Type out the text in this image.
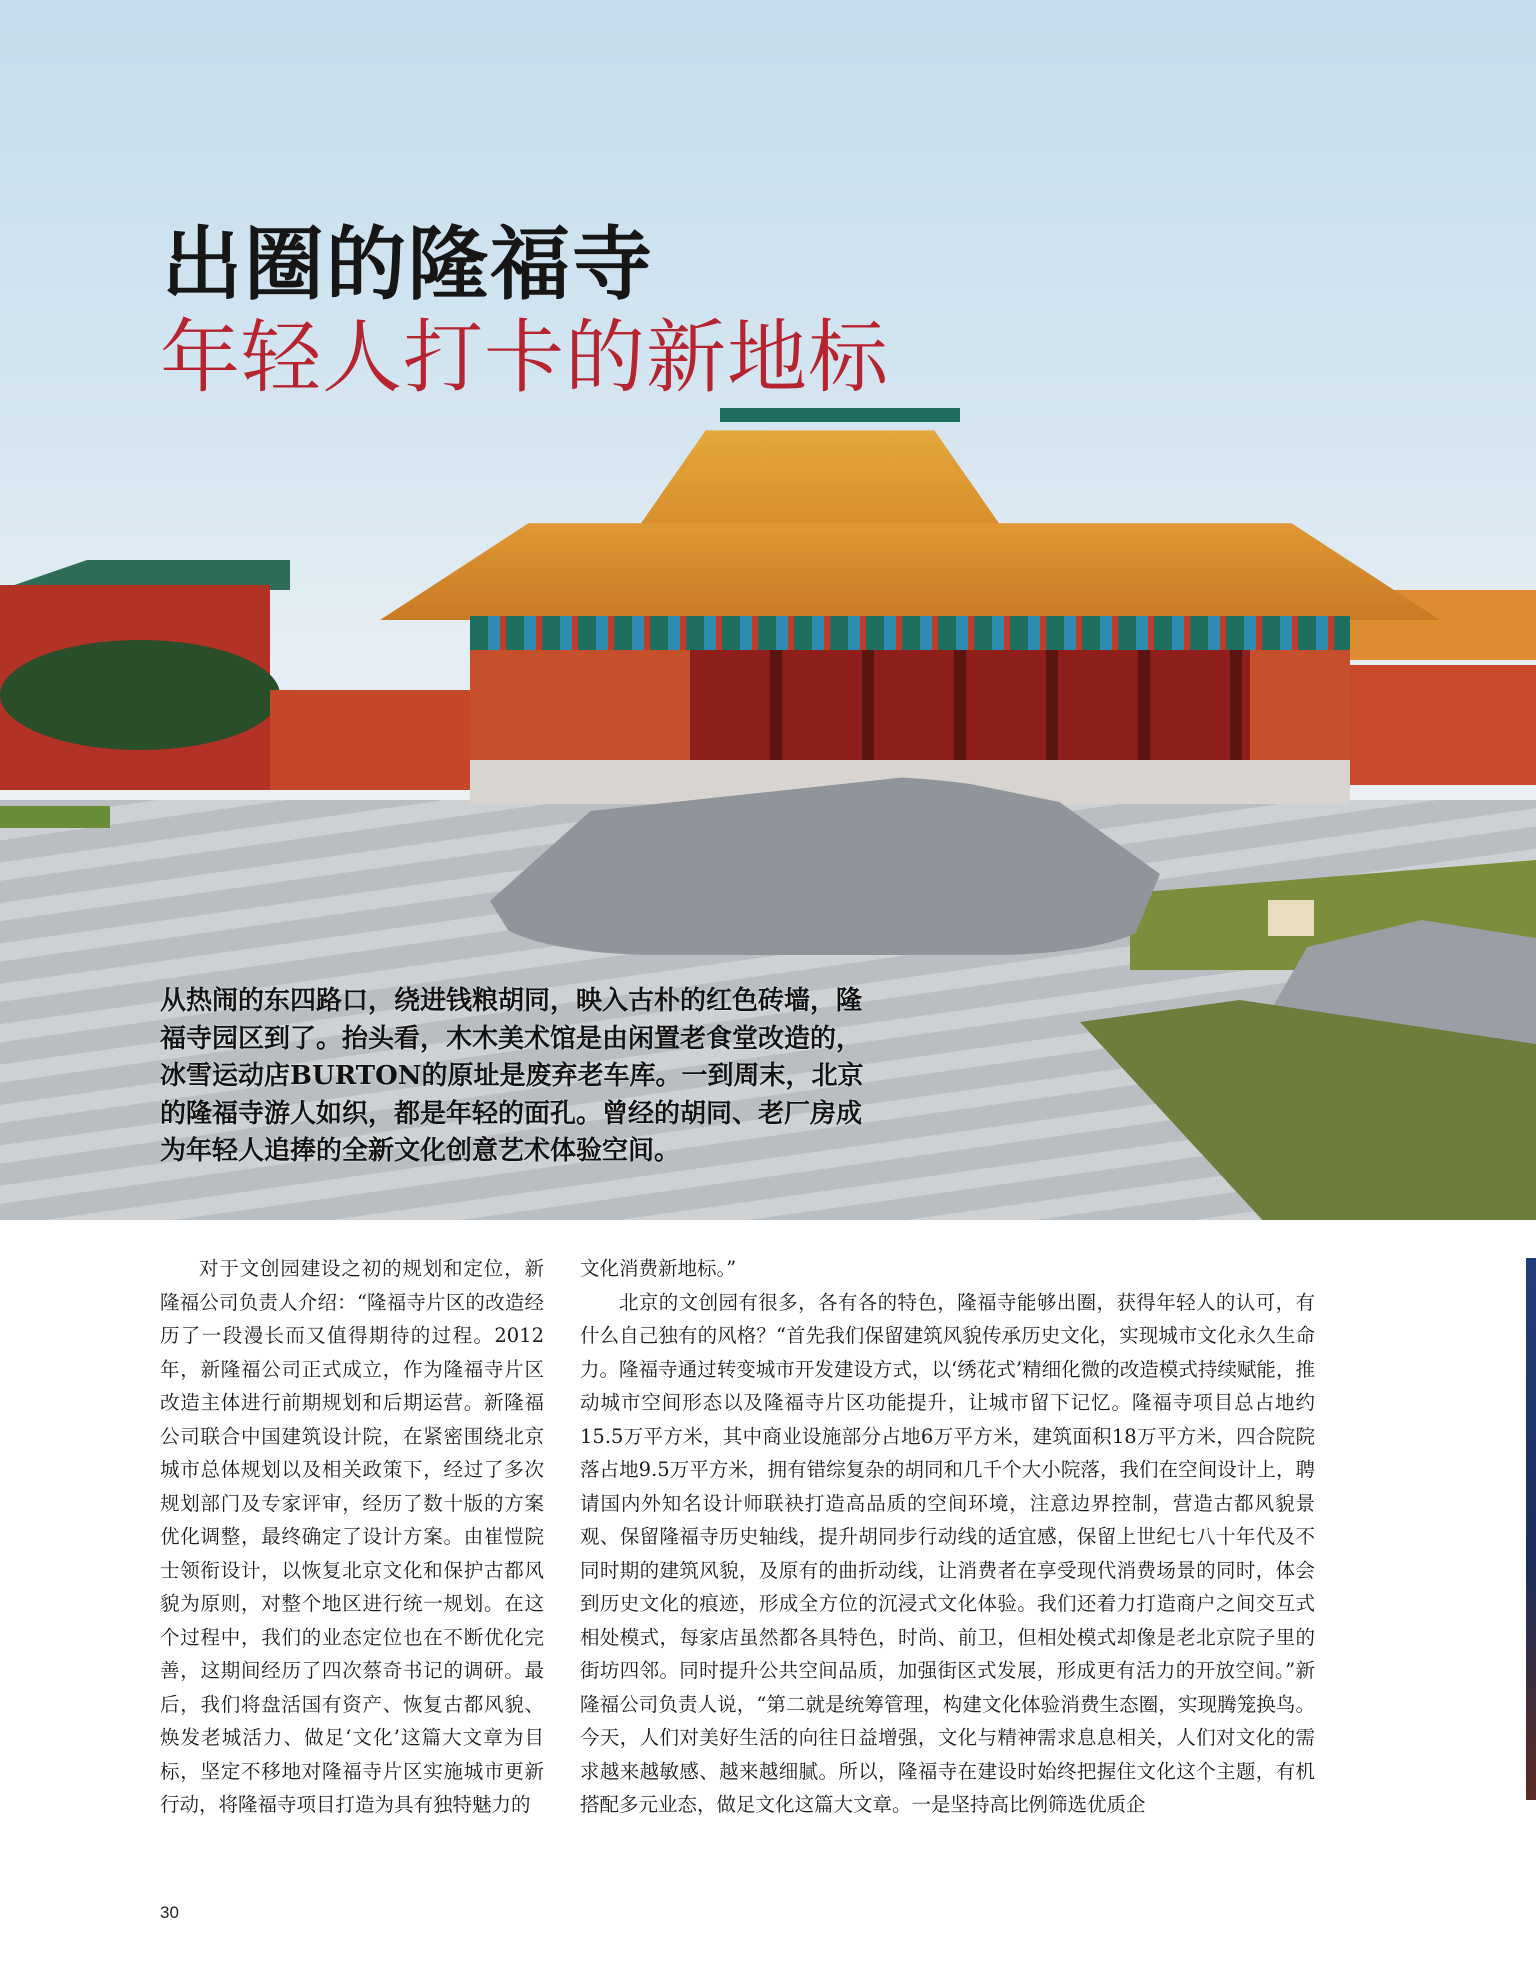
出圈的隆福寺
年轻人打卡的新地标

从热闹的东四路口，绕进钱粮胡同，映入古朴的红色砖墙，隆福寺园区到了。抬头看，木木美术馆是由闲置老食堂改造的，冰雪运动店BURTON的原址是废弃老车库。一到周末，北京的隆福寺游人如织，都是年轻的面孔。曾经的胡同、老厂房成为年轻人追捧的全新文化创意艺术体验空间。

对于文创园建设之初的规划和定位，新隆福公司负责人介绍：“隆福寺片区的改造经历了一段漫长而又值得期待的过程。2012年，新隆福公司正式成立，作为隆福寺片区改造主体进行前期规划和后期运营。新隆福公司联合中国建筑设计院，在紧密围绕北京城市总体规划以及相关政策下，经过了多次规划部门及专家评审，经历了数十版的方案优化调整，最终确定了设计方案。由崔愷院士领衔设计，以恢复北京文化和保护古都风貌为原则，对整个地区进行统一规划。在这个过程中，我们的业态定位也在不断优化完善，这期间经历了四次蔡奇书记的调研。最后，我们将盘活国有资产、恢复古都风貌、焕发老城活力、做足‘文化’这篇大文章为目标，坚定不移地对隆福寺片区实施城市更新行动，将隆福寺项目打造为具有独特魅力的

文化消费新地标。”

北京的文创园有很多，各有各的特色，隆福寺能够出圈，获得年轻人的认可，有什么自己独有的风格？“首先我们保留建筑风貌传承历史文化，实现城市文化永久生命力。隆福寺通过转变城市开发建设方式，以‘绣花式’精细化微的改造模式持续赋能，推动城市空间形态以及隆福寺片区功能提升，让城市留下记忆。隆福寺项目总占地约15.5万平方米，其中商业设施部分占地6万平方米，建筑面积18万平方米，四合院院落占地9.5万平方米，拥有错综复杂的胡同和几千个大小院落，我们在空间设计上，聘请国内外知名设计师联袂打造高品质的空间环境，注意边界控制，营造古都风貌景观、保留隆福寺历史轴线，提升胡同步行动线的适宜感，保留上世纪七八十年代及不同时期的建筑风貌，及原有的曲折动线，让消费者在享受现代消费场景的同时，体会到历史文化的痕迹，形成全方位的沉浸式文化体验。我们还着力打造商户之间交互式相处模式，每家店虽然都各具特色，时尚、前卫，但相处模式却像是老北京院子里的街坊四邻。同时提升公共空间品质，加强街区式发展，形成更有活力的开放空间。”新隆福公司负责人说，“第二就是统筹管理，构建文化体验消费生态圈，实现腾笼换鸟。今天，人们对美好生活的向往日益增强，文化与精神需求息息相关，人们对文化的需求越来越敏感、越来越细腻。所以，隆福寺在建设时始终把握住文化这个主题，有机搭配多元业态，做足文化这篇大文章。一是坚持高比例筛选优质企

30
